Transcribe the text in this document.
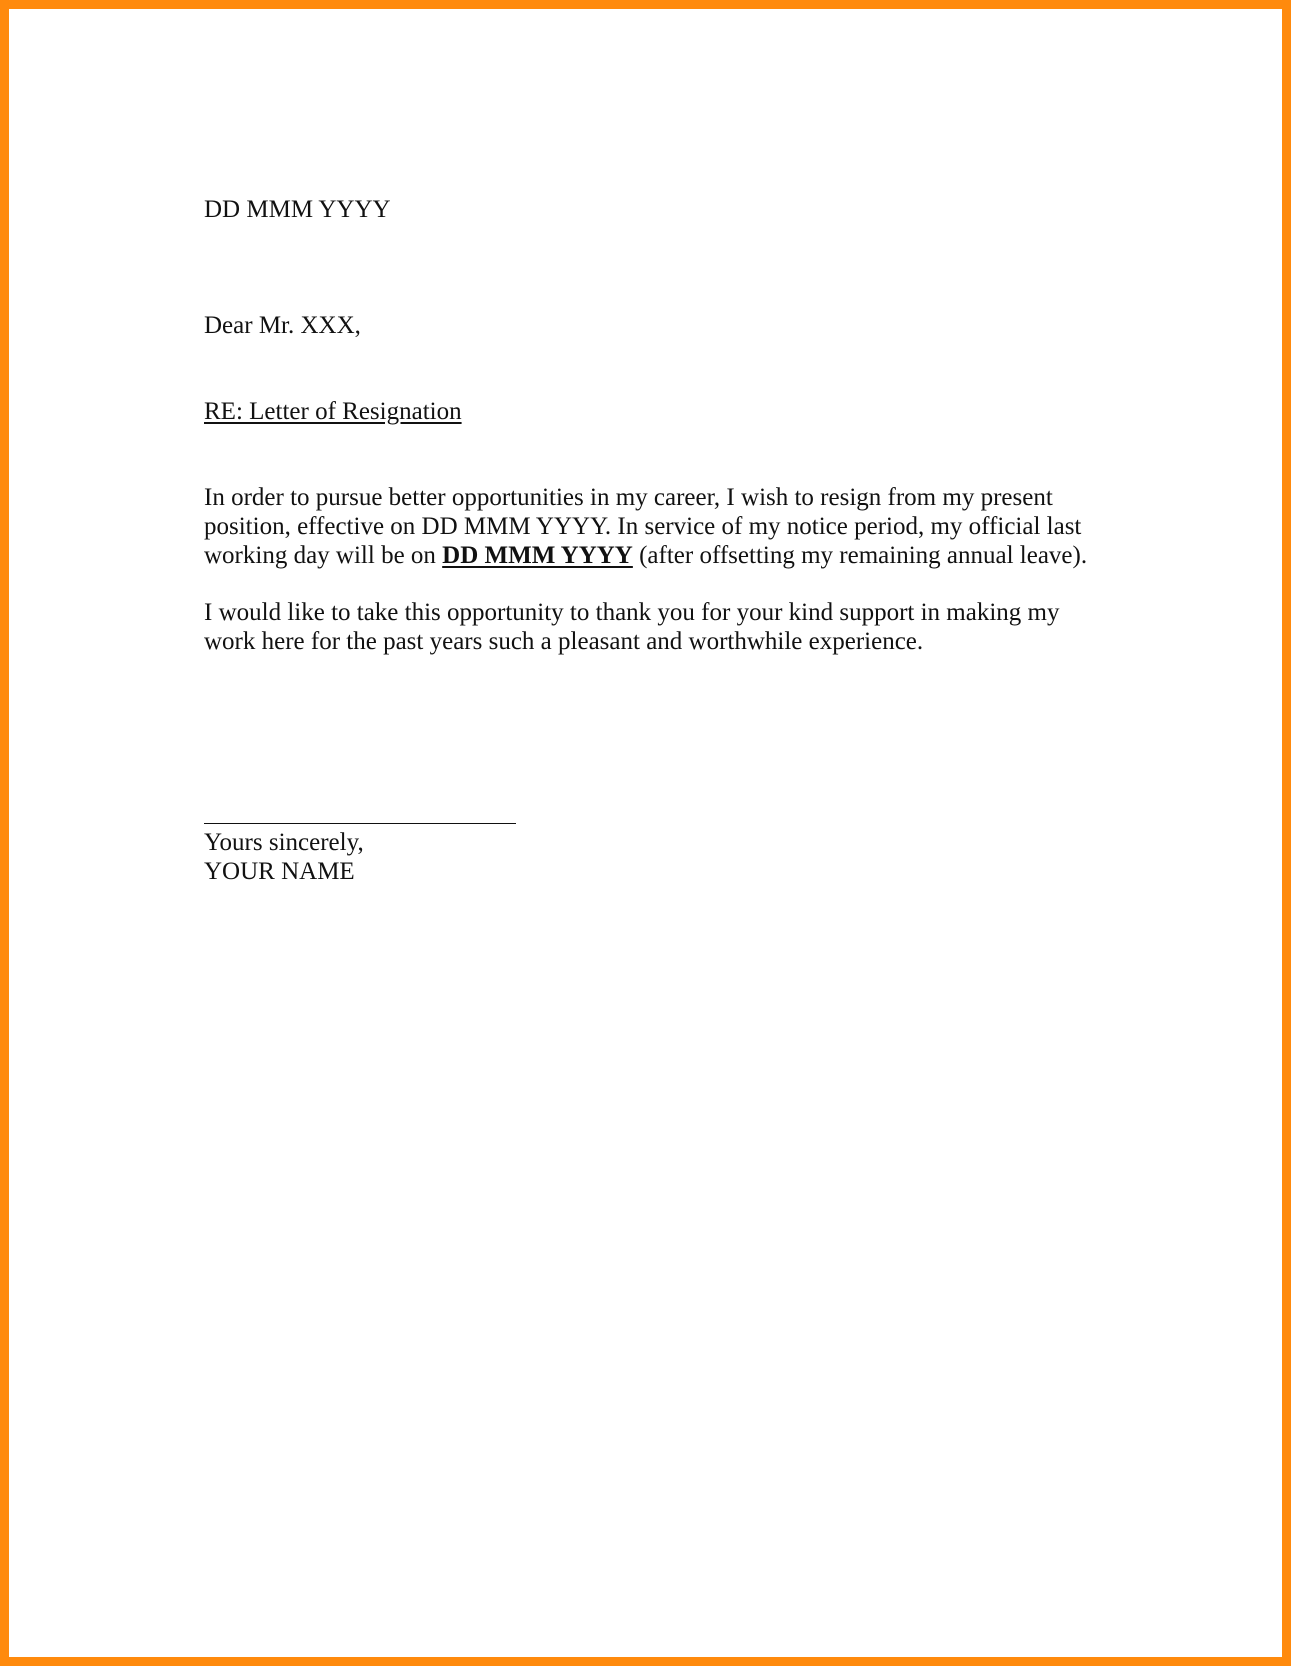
DD MMM YYYY

Dear Mr. XXX,

RE: Letter of Resignation

In order to pursue better opportunities in my career, I wish to resign from my present
position, effective on DD MMM YYYY. In service of my notice period, my official last
working day will be on DD MMM YYYY (after offsetting my remaining annual leave).
I would like to take this opportunity to thank you for your kind support in making my
work here for the past years such a pleasant and worthwhile experience.

Yours sincerely,

YOUR NAME
